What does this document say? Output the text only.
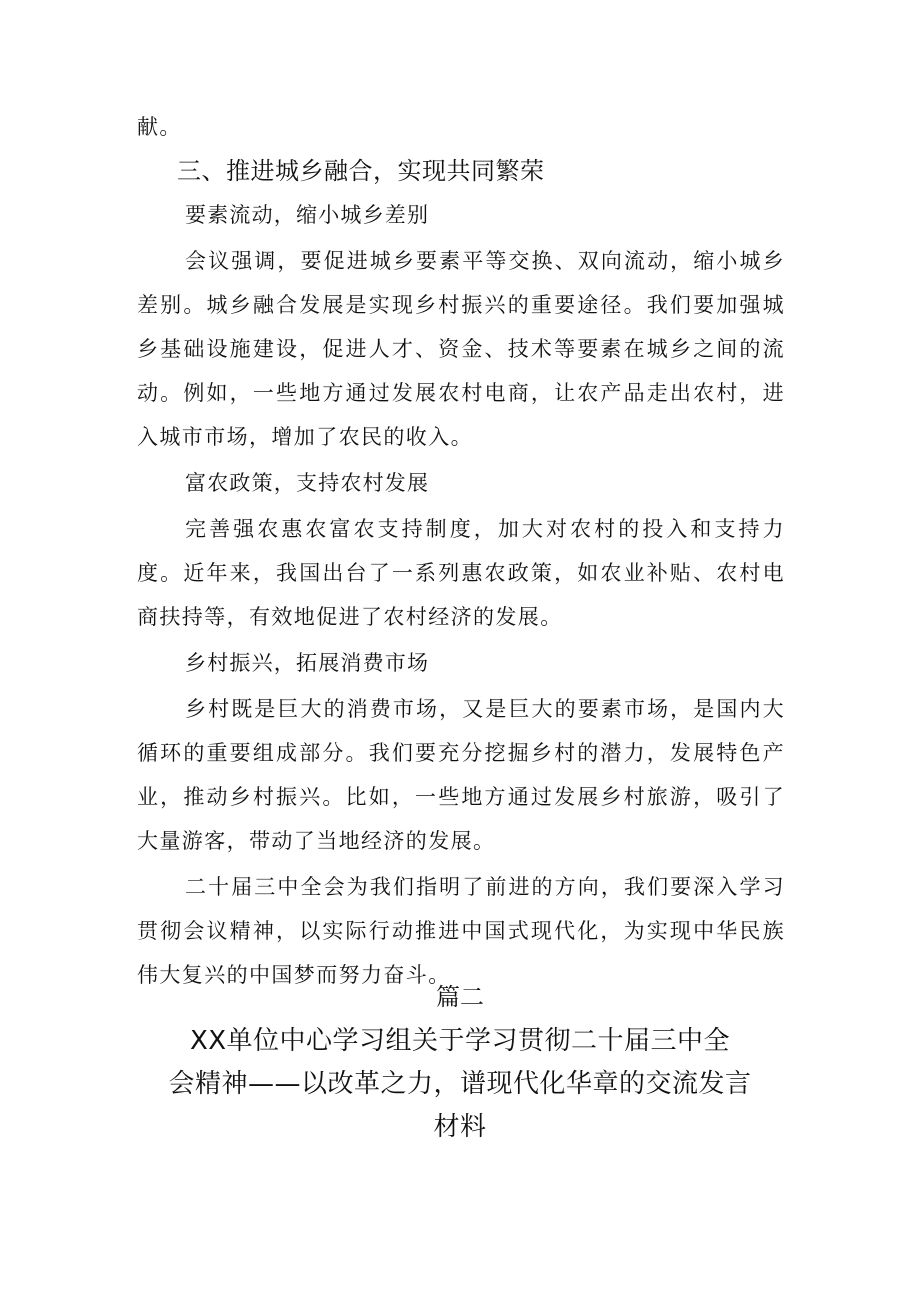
献。

三、推进城乡融合，实现共同繁荣

要素流动，缩小城乡差别

会议强调，要促进城乡要素平等交换、双向流动，缩小城乡差别。城乡融合发展是实现乡村振兴的重要途径。我们要加强城乡基础设施建设，促进人才、资金、技术等要素在城乡之间的流动。例如，一些地方通过发展农村电商，让农产品走出农村，进入城市市场，增加了农民的收入。

富农政策，支持农村发展

完善强农惠农富农支持制度，加大对农村的投入和支持力度。近年来，我国出台了一系列惠农政策，如农业补贴、农村电商扶持等，有效地促进了农村经济的发展。

乡村振兴，拓展消费市场

乡村既是巨大的消费市场，又是巨大的要素市场，是国内大循环的重要组成部分。我们要充分挖掘乡村的潜力，发展特色产业，推动乡村振兴。比如，一些地方通过发展乡村旅游，吸引了大量游客，带动了当地经济的发展。

二十届三中全会为我们指明了前进的方向，我们要深入学习贯彻会议精神，以实际行动推进中国式现代化，为实现中华民族伟大复兴的中国梦而努力奋斗。

篇二

XX单位中心学习组关于学习贯彻二十届三中全
会精神——以改革之力，谱现代化华章的交流发言
材料
